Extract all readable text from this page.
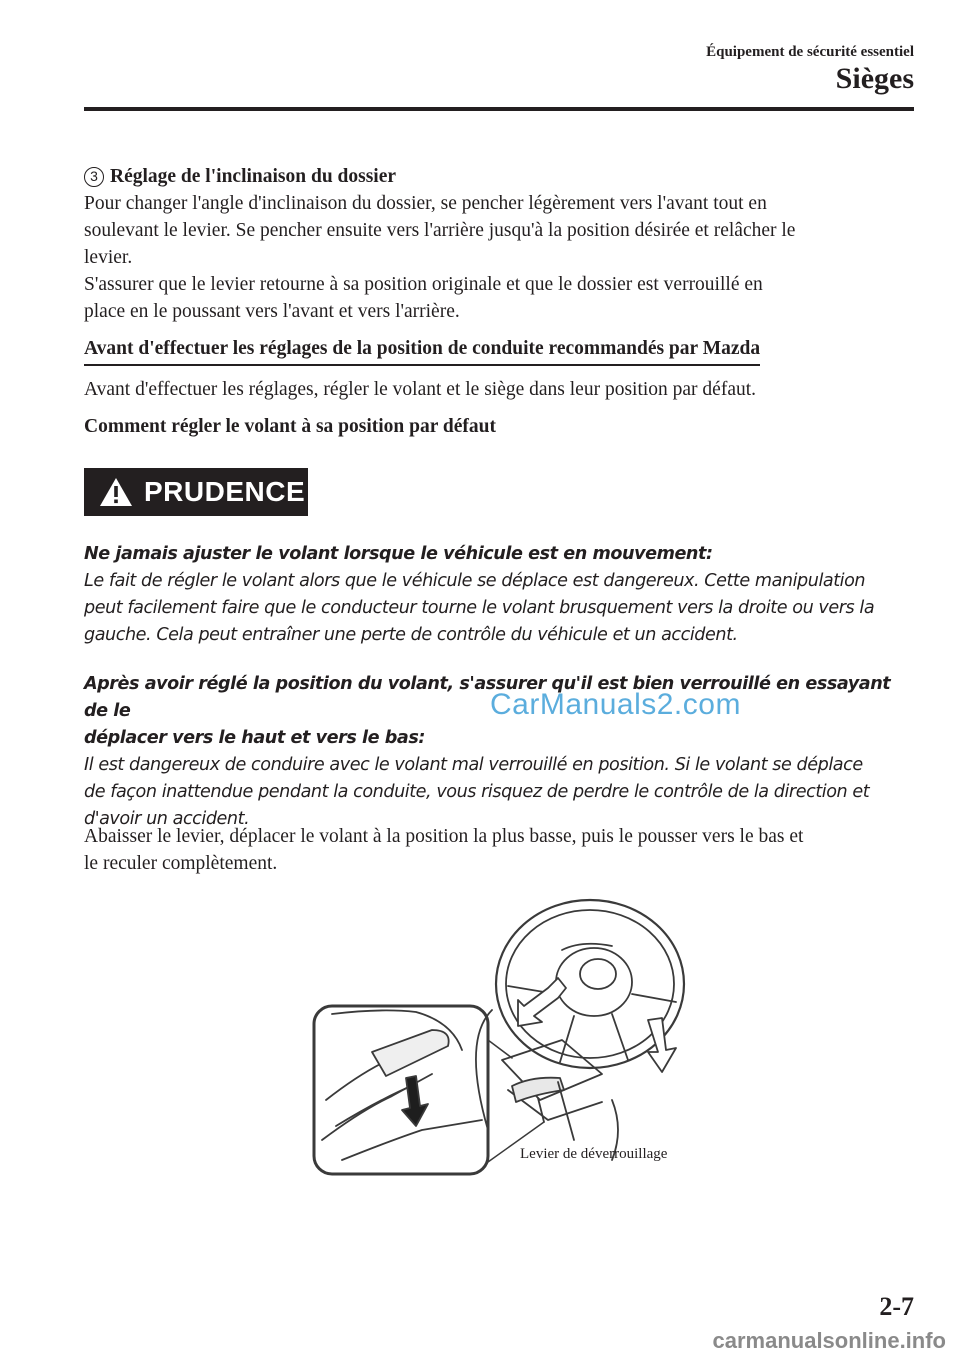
Équipement de sécurité essentiel
Sièges

3 Réglage de l'inclinaison du dossier

Pour changer l'angle d'inclinaison du dossier, se pencher légèrement vers l'avant tout en

soulevant le levier. Se pencher ensuite vers l'arrière jusqu'à la position désirée et relâcher le

levier.

S'assurer que le levier retourne à sa position originale et que le dossier est verrouillé en

place en le poussant vers l'avant et vers l'arrière.

Avant d'effectuer les réglages de la position de conduite recommandés par Mazda

Avant d'effectuer les réglages, régler le volant et le siège dans leur position par défaut.

Comment régler le volant à sa position par défaut

PRUDENCE

Ne jamais ajuster le volant lorsque le véhicule est en mouvement:

Le fait de régler le volant alors que le véhicule se déplace est dangereux. Cette manipulation

peut facilement faire que le conducteur tourne le volant brusquement vers la droite ou vers la

gauche. Cela peut entraîner une perte de contrôle du véhicule et un accident.

Après avoir réglé la position du volant, s'assurer qu'il est bien verrouillé en essayant de le

déplacer vers le haut et vers le bas:

Il est dangereux de conduire avec le volant mal verrouillé en position. Si le volant se déplace

de façon inattendue pendant la conduite, vous risquez de perdre le contrôle de la direction et

d'avoir un accident.

Abaisser le levier, déplacer le volant à la position la plus basse, puis le pousser vers le bas et

le reculer complètement.

Levier de déverrouillage
CarManuals2.com
2-7
carmanualsonline.info
